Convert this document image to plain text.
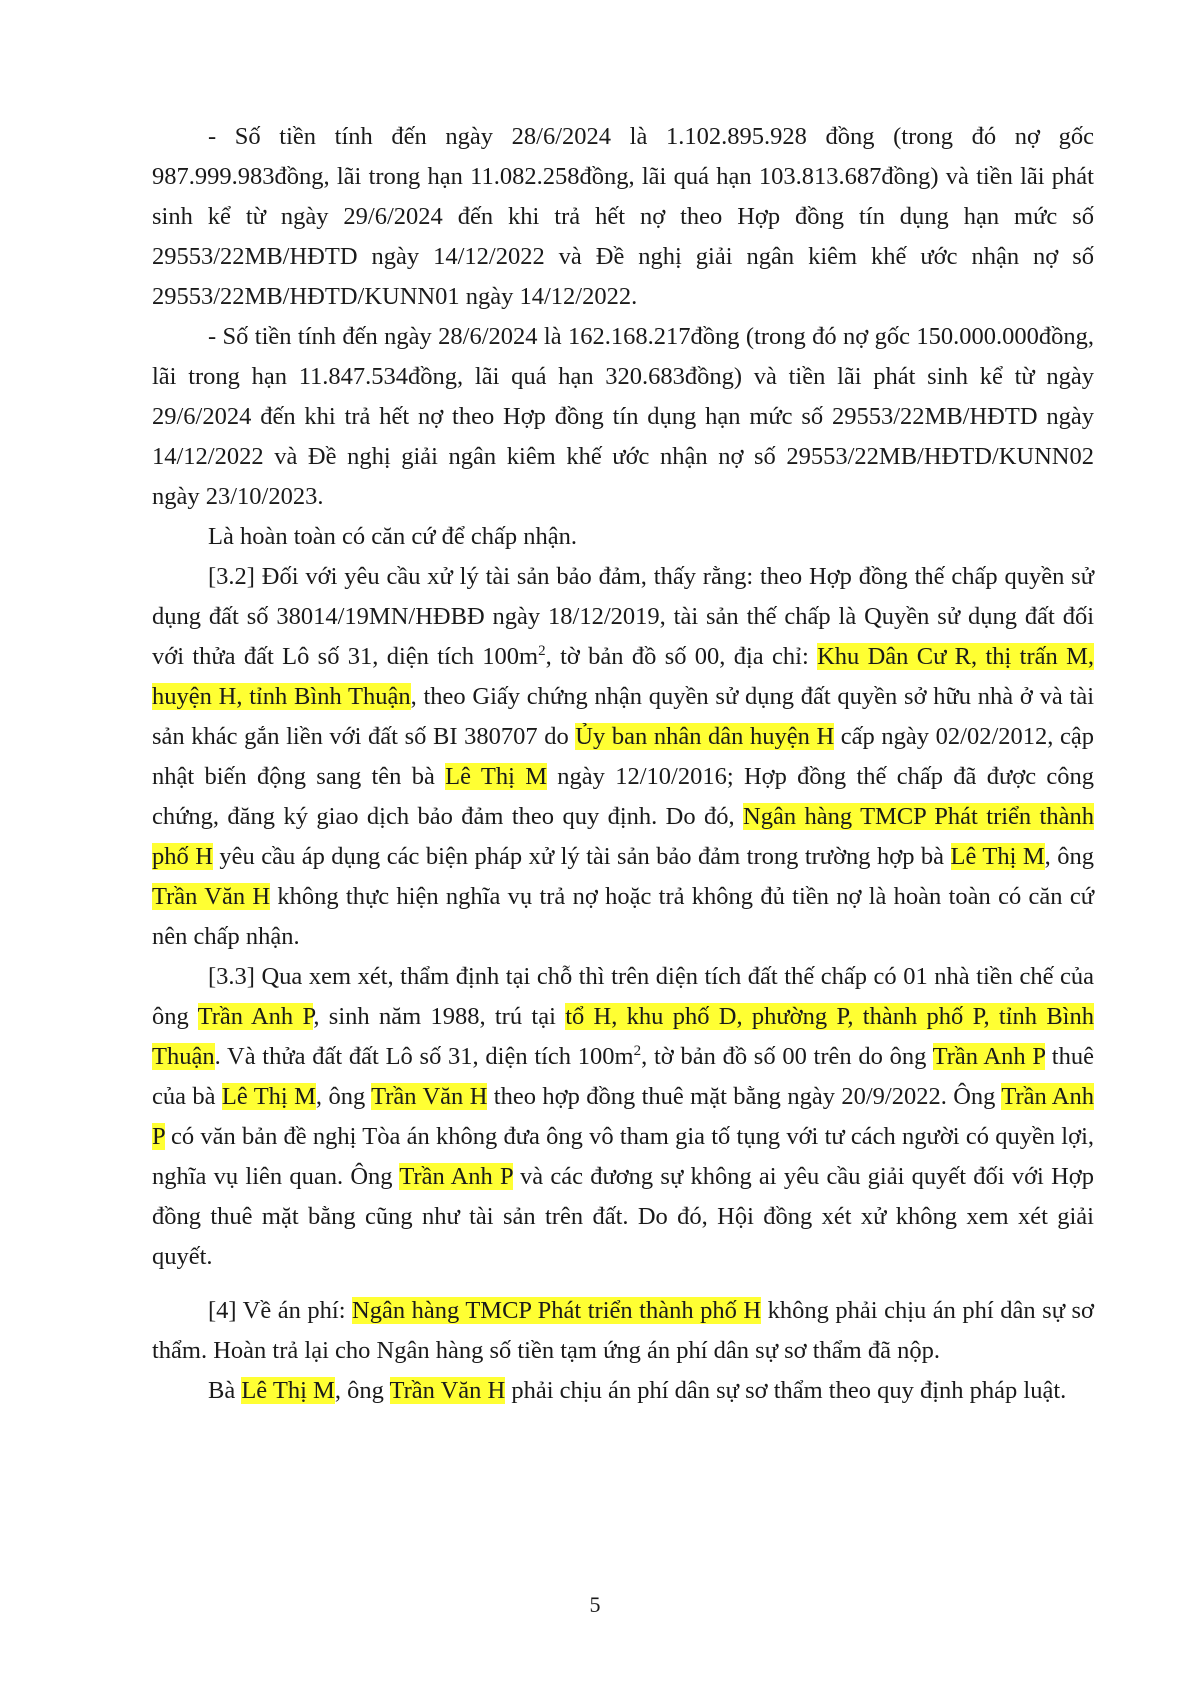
- Số tiền tính đến ngày 28/6/2024 là 1.102.895.928 đồng (trong đó nợ gốc 987.999.983đồng, lãi trong hạn 11.082.258đồng, lãi quá hạn 103.813.687đồng) và tiền lãi phát sinh kể từ ngày 29/6/2024 đến khi trả hết nợ theo Hợp đồng tín dụng hạn mức số 29553/22MB/HĐTD ngày 14/12/2022 và Đề nghị giải ngân kiêm khế ước nhận nợ số 29553/22MB/HĐTD/KUNN01 ngày 14/12/2022.

- Số tiền tính đến ngày 28/6/2024 là 162.168.217đồng (trong đó nợ gốc 150.000.000đồng, lãi trong hạn 11.847.534đồng, lãi quá hạn 320.683đồng) và tiền lãi phát sinh kể từ ngày 29/6/2024 đến khi trả hết nợ theo Hợp đồng tín dụng hạn mức số 29553/22MB/HĐTD ngày 14/12/2022 và Đề nghị giải ngân kiêm khế ước nhận nợ số 29553/22MB/HĐTD/KUNN02 ngày 23/10/2023.

Là hoàn toàn có căn cứ để chấp nhận.

[3.2] Đối với yêu cầu xử lý tài sản bảo đảm, thấy rằng: theo Hợp đồng thế chấp quyền sử dụng đất số 38014/19MN/HĐBĐ ngày 18/12/2019, tài sản thế chấp là Quyền sử dụng đất đối với thửa đất Lô số 31, diện tích $100m^2$, tờ bản đồ số 00, địa chỉ: Khu Dân Cư R, thị trấn M, huyện H, tỉnh Bình Thuận, theo Giấy chứng nhận quyền sử dụng đất quyền sở hữu nhà ở và tài sản khác gắn liền với đất số BI 380707 do Ủy ban nhân dân huyện H cấp ngày 02/02/2012, cập nhật biến động sang tên bà Lê Thị M ngày 12/10/2016; Hợp đồng thế chấp đã được công chứng, đăng ký giao dịch bảo đảm theo quy định. Do đó, Ngân hàng TMCP Phát triển thành phố H yêu cầu áp dụng các biện pháp xử lý tài sản bảo đảm trong trường hợp bà Lê Thị M, ông Trần Văn H không thực hiện nghĩa vụ trả nợ hoặc trả không đủ tiền nợ là hoàn toàn có căn cứ nên chấp nhận.

[3.3] Qua xem xét, thẩm định tại chỗ thì trên diện tích đất thế chấp có 01 nhà tiền chế của ông Trần Anh P, sinh năm 1988, trú tại tổ H, khu phố D, phường P, thành phố P, tỉnh Bình Thuận. Và thửa đất đất Lô số 31, diện tích $100m^2$, tờ bản đồ số 00 trên do ông Trần Anh P thuê của bà Lê Thị M, ông Trần Văn H theo hợp đồng thuê mặt bằng ngày 20/9/2022. Ông Trần Anh P có văn bản đề nghị Tòa án không đưa ông vô tham gia tố tụng với tư cách người có quyền lợi, nghĩa vụ liên quan. Ông Trần Anh P và các đương sự không ai yêu cầu giải quyết đối với Hợp đồng thuê mặt bằng cũng như tài sản trên đất. Do đó, Hội đồng xét xử không xem xét giải quyết.

[4] Về án phí: Ngân hàng TMCP Phát triển thành phố H không phải chịu án phí dân sự sơ thẩm. Hoàn trả lại cho Ngân hàng số tiền tạm ứng án phí dân sự sơ thẩm đã nộp.

Bà Lê Thị M, ông Trần Văn H phải chịu án phí dân sự sơ thẩm theo quy định pháp luật.

5
